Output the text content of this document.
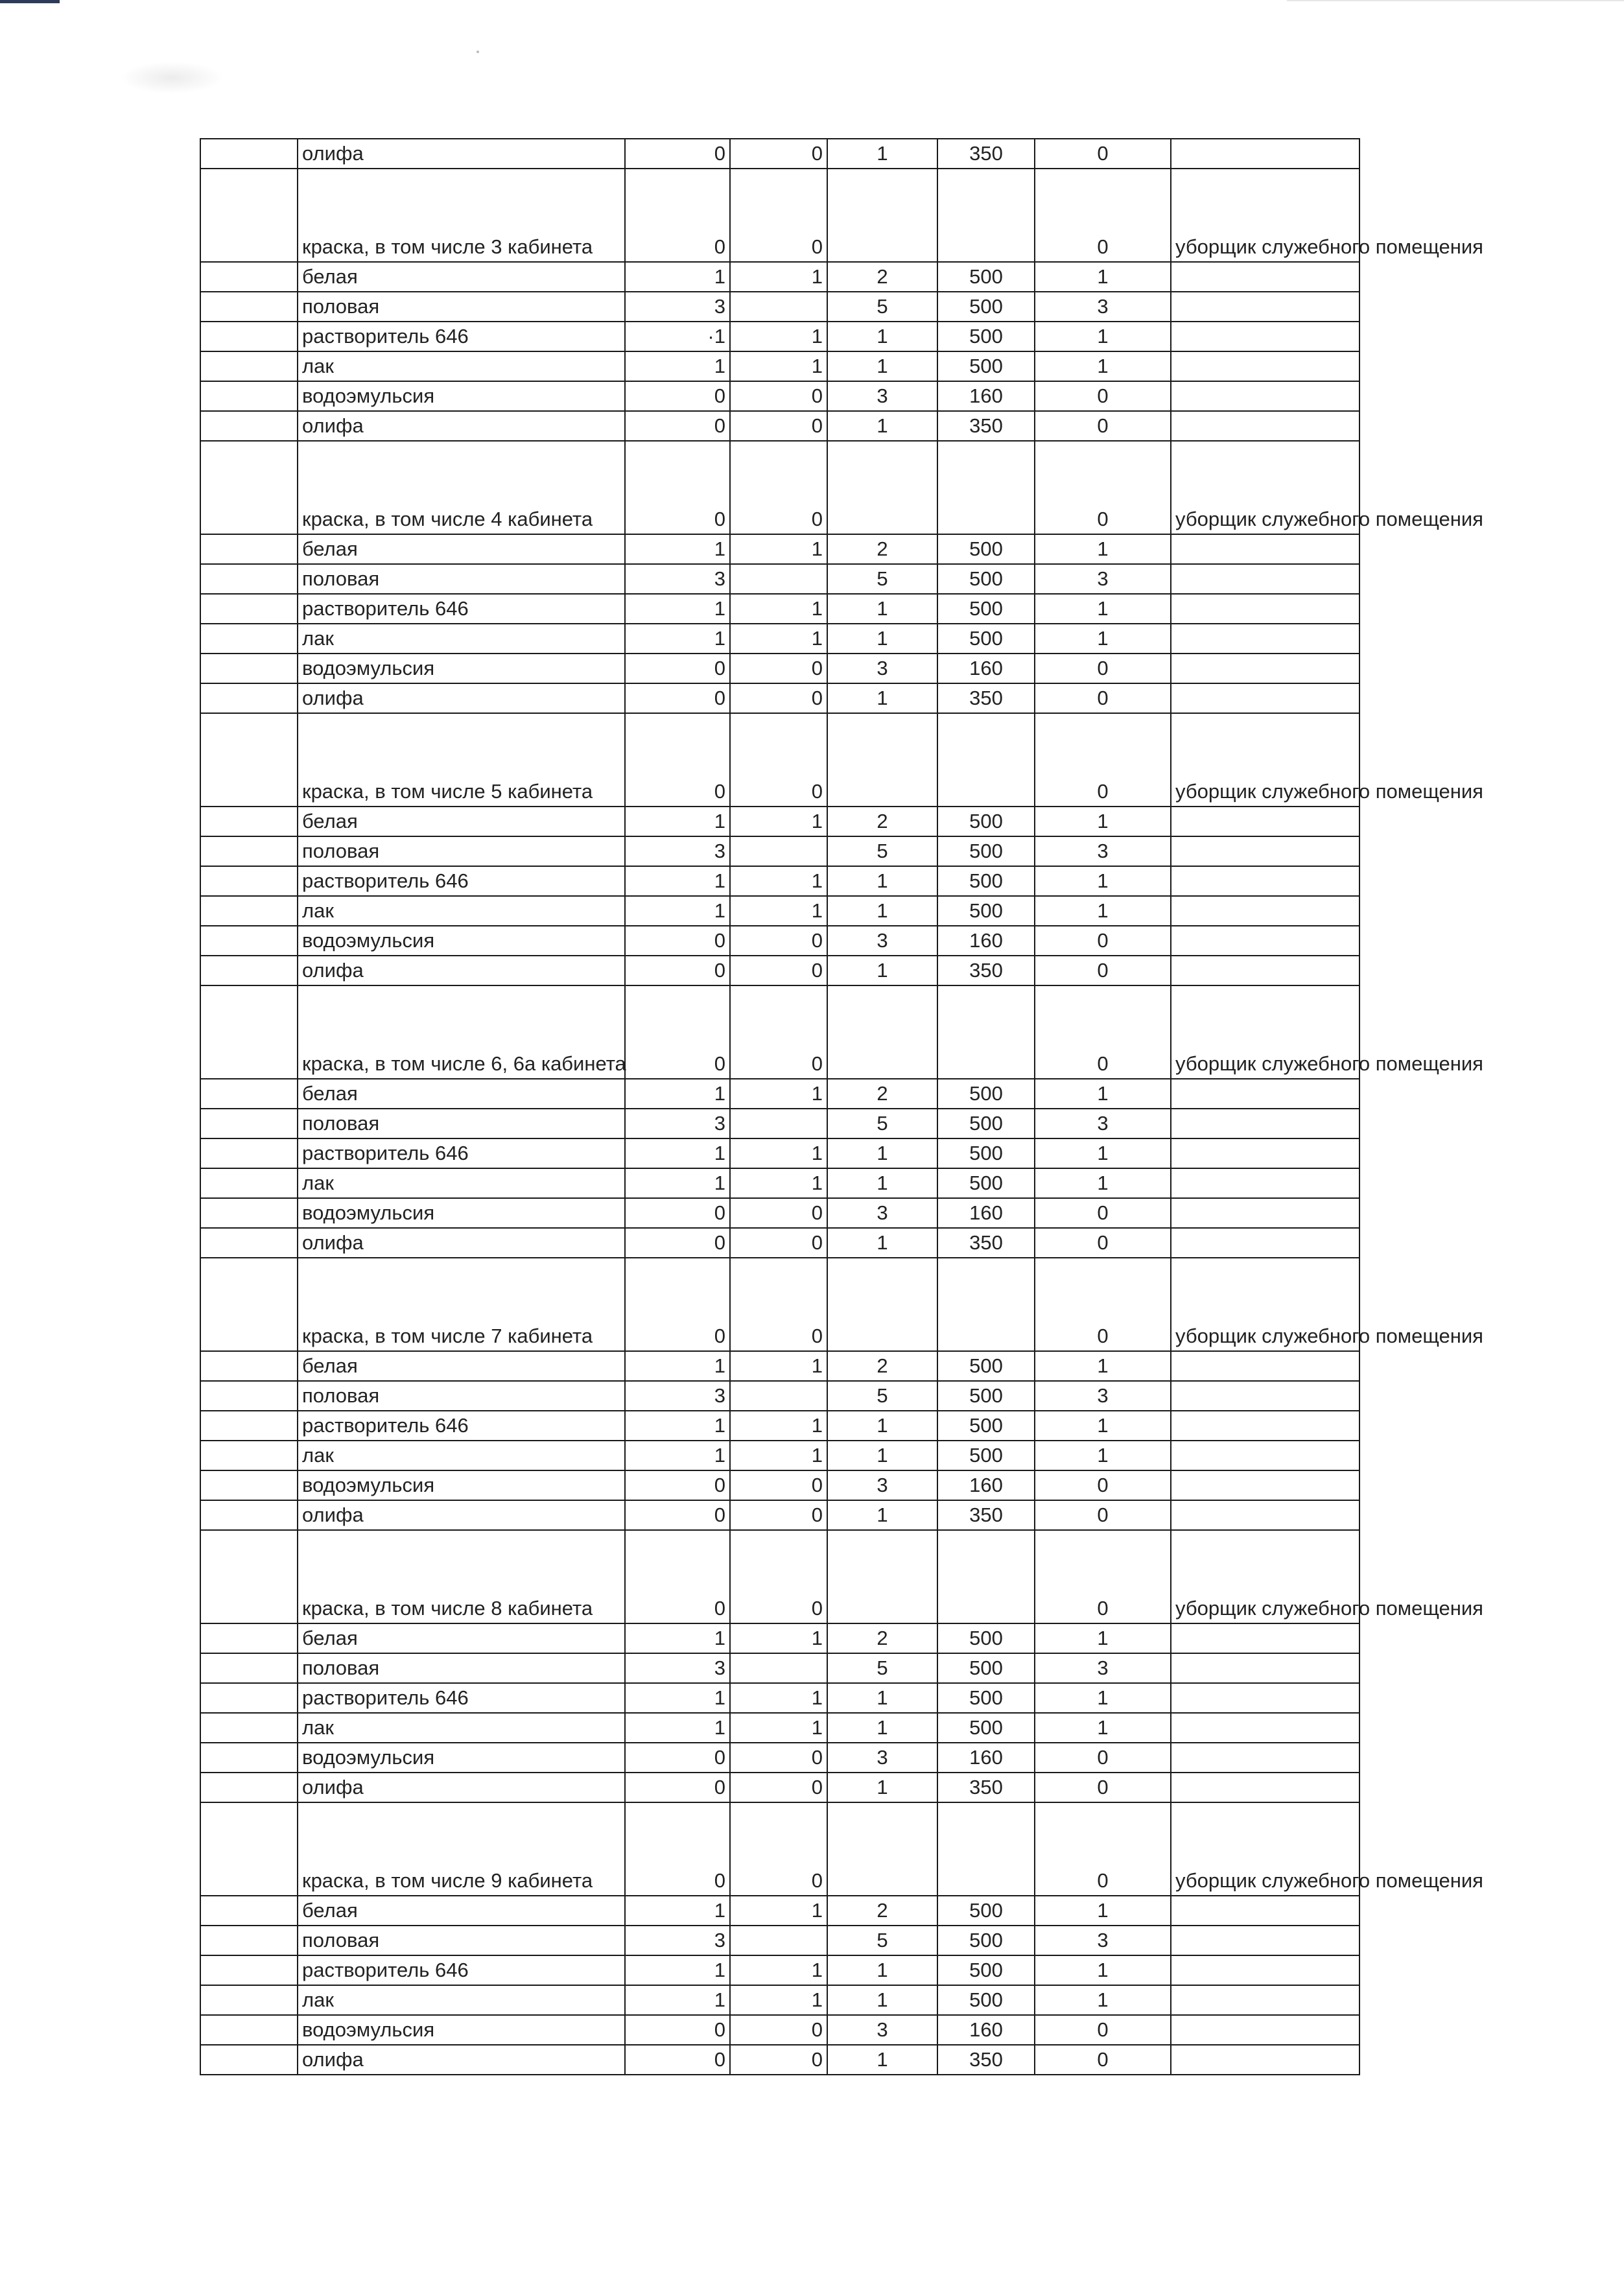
	олифа	0	0	1	350	0	
	краска, в том числе 3 кабинета	0	0			0	уборщик служебного помещения
	белая	1	1	2	500	1	
	половая	3		5	500	3	
	растворитель 646	·1	1	1	500	1	
	лак	1	1	1	500	1	
	водоэмульсия	0	0	3	160	0	
	олифа	0	0	1	350	0	
	краска, в том числе 4 кабинета	0	0			0	уборщик служебного помещения
	белая	1	1	2	500	1	
	половая	3		5	500	3	
	растворитель 646	1	1	1	500	1	
	лак	1	1	1	500	1	
	водоэмульсия	0	0	3	160	0	
	олифа	0	0	1	350	0	
	краска, в том числе 5 кабинета	0	0			0	уборщик служебного помещения
	белая	1	1	2	500	1	
	половая	3		5	500	3	
	растворитель 646	1	1	1	500	1	
	лак	1	1	1	500	1	
	водоэмульсия	0	0	3	160	0	
	олифа	0	0	1	350	0	
	краска, в том числе 6, 6а кабинета	0	0			0	уборщик служебного помещения
	белая	1	1	2	500	1	
	половая	3		5	500	3	
	растворитель 646	1	1	1	500	1	
	лак	1	1	1	500	1	
	водоэмульсия	0	0	3	160	0	
	олифа	0	0	1	350	0	
	краска, в том числе 7 кабинета	0	0			0	уборщик служебного помещения
	белая	1	1	2	500	1	
	половая	3		5	500	3	
	растворитель 646	1	1	1	500	1	
	лак	1	1	1	500	1	
	водоэмульсия	0	0	3	160	0	
	олифа	0	0	1	350	0	
	краска, в том числе 8 кабинета	0	0			0	уборщик служебного помещения
	белая	1	1	2	500	1	
	половая	3		5	500	3	
	растворитель 646	1	1	1	500	1	
	лак	1	1	1	500	1	
	водоэмульсия	0	0	3	160	0	
	олифа	0	0	1	350	0	
	краска, в том числе 9 кабинета	0	0			0	уборщик служебного помещения
	белая	1	1	2	500	1	
	половая	3		5	500	3	
	растворитель 646	1	1	1	500	1	
	лак	1	1	1	500	1	
	водоэмульсия	0	0	3	160	0	
	олифа	0	0	1	350	0	
